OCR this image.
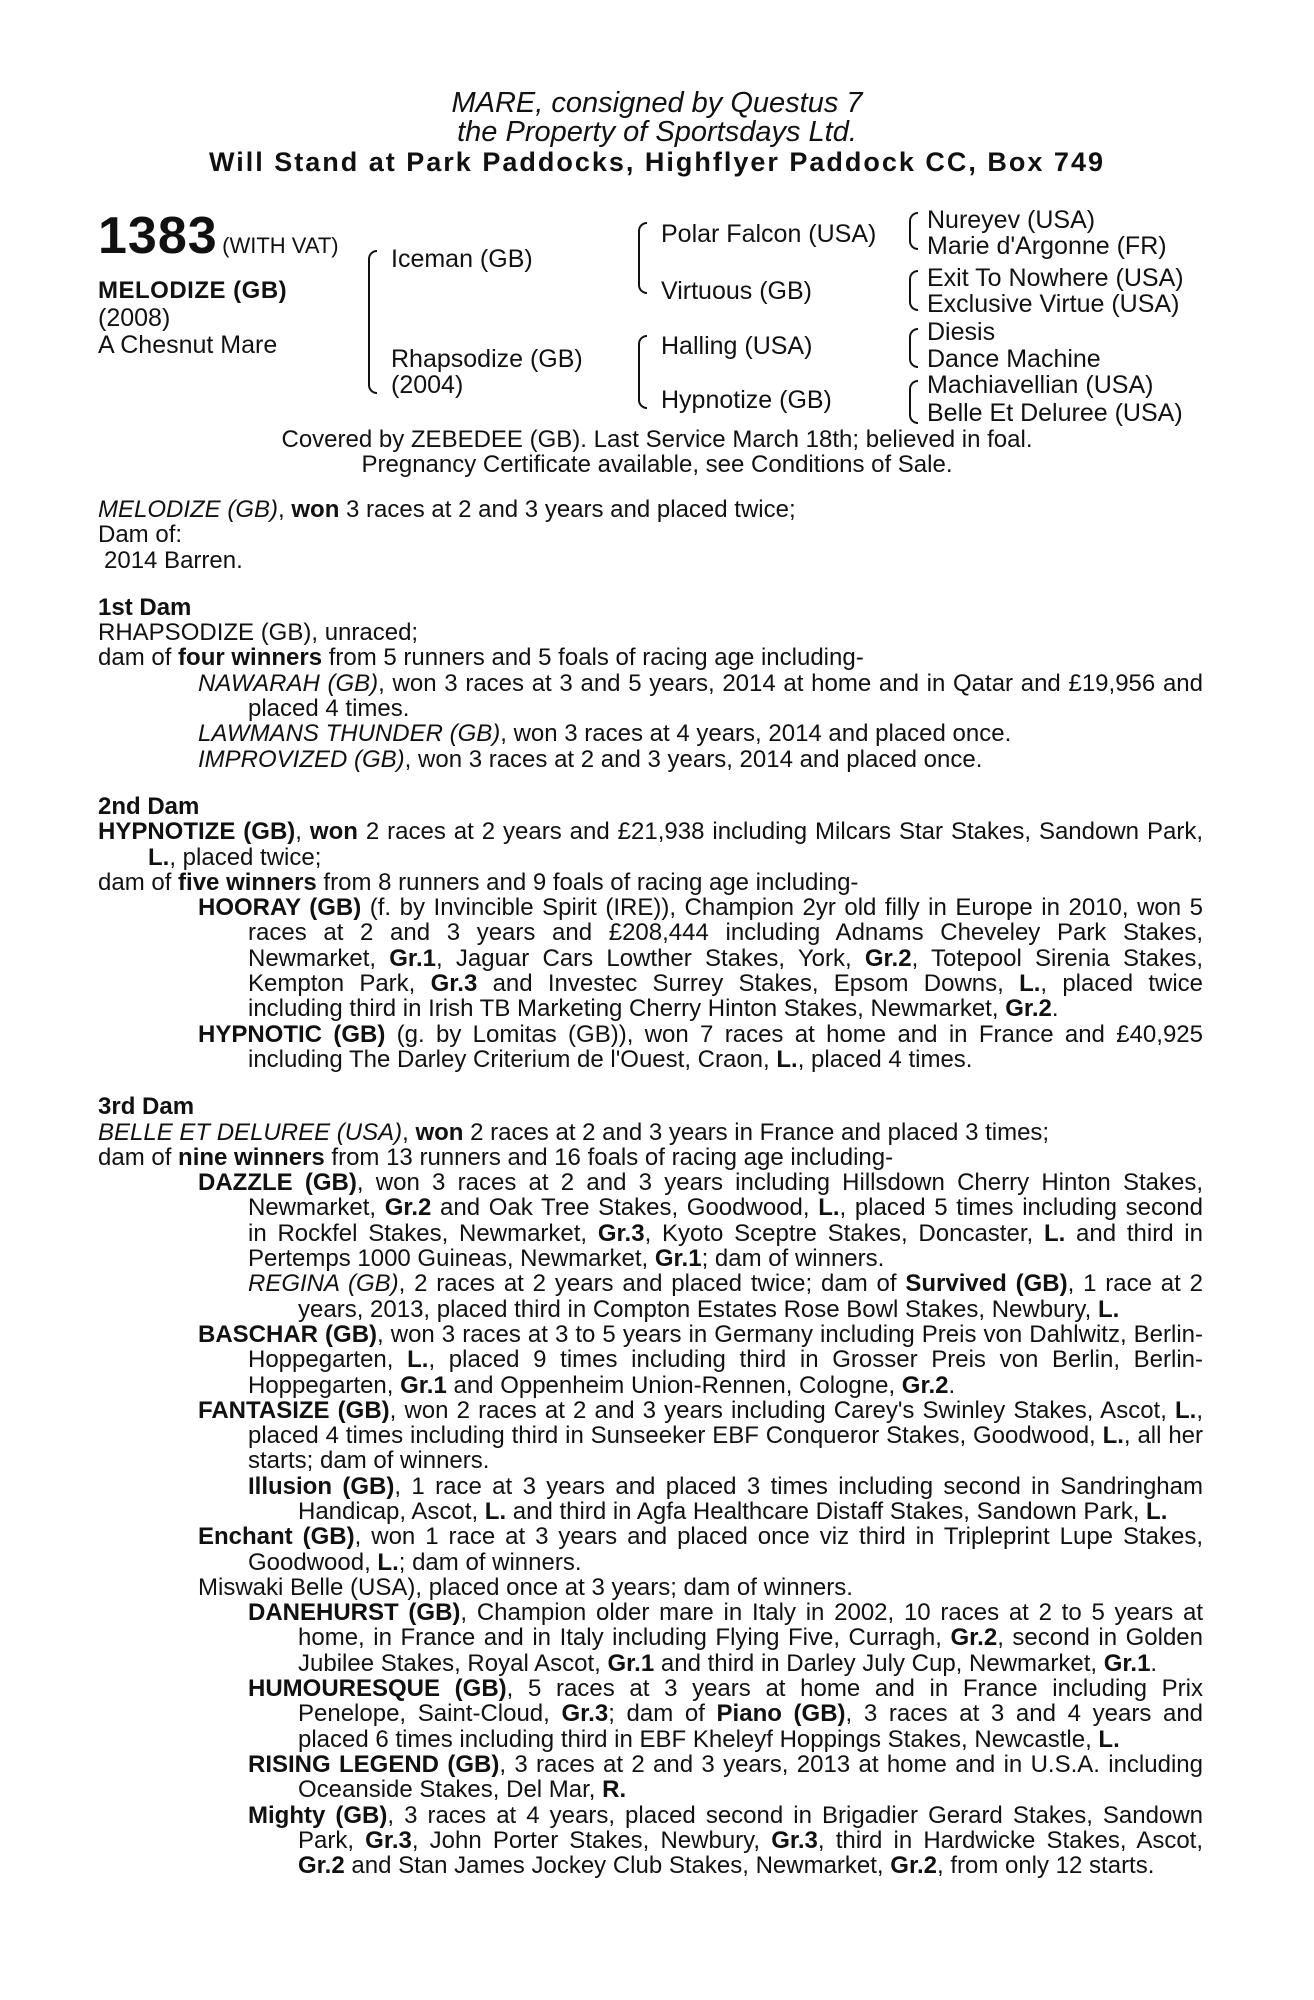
MARE, consigned by Questus 7
the Property of Sportsdays Ltd.
Will Stand at Park Paddocks, Highflyer Paddock CC, Box 749
1383 (WITH VAT)
MELODIZE (GB)
(2008)
A Chesnut Mare
Iceman (GB)
Rhapsodize (GB)
(2004)
Polar Falcon (USA)
Virtuous (GB)
Halling (USA)
Hypnotize (GB)
Nureyev (USA)
Marie d'Argonne (FR)
Exit To Nowhere (USA)
Exclusive Virtue (USA)
Diesis
Dance Machine
Machiavellian (USA)
Belle Et Deluree (USA)
Covered by ZEBEDEE (GB). Last Service March 18th; believed in foal.
Pregnancy Certificate available, see Conditions of Sale.

MELODIZE (GB), won 3 races at 2 and 3 years and placed twice;

Dam of:

2014 Barren.

1st Dam

RHAPSODIZE (GB), unraced;

dam of four winners from 5 runners and 5 foals of racing age including-

NAWARAH (GB), won 3 races at 3 and 5 years, 2014 at home and in Qatar and £19,956 and placed 4 times.

LAWMANS THUNDER (GB), won 3 races at 4 years, 2014 and placed once.

IMPROVIZED (GB), won 3 races at 2 and 3 years, 2014 and placed once.

2nd Dam

HYPNOTIZE (GB), won 2 races at 2 years and £21,938 including Milcars Star Stakes, Sandown Park, L., placed twice;

dam of five winners from 8 runners and 9 foals of racing age including-

HOORAY (GB) (f. by Invincible Spirit (IRE)), Champion 2yr old filly in Europe in 2010, won 5 races at 2 and 3 years and £208,444 including Adnams Cheveley Park Stakes, Newmarket, Gr.1, Jaguar Cars Lowther Stakes, York, Gr.2, Totepool Sirenia Stakes, Kempton Park, Gr.3 and Investec Surrey Stakes, Epsom Downs, L., placed twice including third in Irish TB Marketing Cherry Hinton Stakes, Newmarket, Gr.2.

HYPNOTIC (GB) (g. by Lomitas (GB)), won 7 races at home and in France and £40,925 including The Darley Criterium de l'Ouest, Craon, L., placed 4 times.

3rd Dam

BELLE ET DELUREE (USA), won 2 races at 2 and 3 years in France and placed 3 times;

dam of nine winners from 13 runners and 16 foals of racing age including-

DAZZLE (GB), won 3 races at 2 and 3 years including Hillsdown Cherry Hinton Stakes, Newmarket, Gr.2 and Oak Tree Stakes, Goodwood, L., placed 5 times including second in Rockfel Stakes, Newmarket, Gr.3, Kyoto Sceptre Stakes, Doncaster, L. and third in Pertemps 1000 Guineas, Newmarket, Gr.1; dam of winners.

REGINA (GB), 2 races at 2 years and placed twice; dam of Survived (GB), 1 race at 2 years, 2013, placed third in Compton Estates Rose Bowl Stakes, Newbury, L.

BASCHAR (GB), won 3 races at 3 to 5 years in Germany including Preis von Dahlwitz, Berlin-Hoppegarten, L., placed 9 times including third in Grosser Preis von Berlin, Berlin-Hoppegarten, Gr.1 and Oppenheim Union-Rennen, Cologne, Gr.2.

FANTASIZE (GB), won 2 races at 2 and 3 years including Carey's Swinley Stakes, Ascot, L., placed 4 times including third in Sunseeker EBF Conqueror Stakes, Goodwood, L., all her starts; dam of winners.

Illusion (GB), 1 race at 3 years and placed 3 times including second in Sandringham Handicap, Ascot, L. and third in Agfa Healthcare Distaff Stakes, Sandown Park, L.

Enchant (GB), won 1 race at 3 years and placed once viz third in Tripleprint Lupe Stakes, Goodwood, L.; dam of winners.

Miswaki Belle (USA), placed once at 3 years; dam of winners.

DANEHURST (GB), Champion older mare in Italy in 2002, 10 races at 2 to 5 years at home, in France and in Italy including Flying Five, Curragh, Gr.2, second in Golden Jubilee Stakes, Royal Ascot, Gr.1 and third in Darley July Cup, Newmarket, Gr.1.

HUMOURESQUE (GB), 5 races at 3 years at home and in France including Prix Penelope, Saint-Cloud, Gr.3; dam of Piano (GB), 3 races at 3 and 4 years and placed 6 times including third in EBF Kheleyf Hoppings Stakes, Newcastle, L.

RISING LEGEND (GB), 3 races at 2 and 3 years, 2013 at home and in U.S.A. including Oceanside Stakes, Del Mar, R.

Mighty (GB), 3 races at 4 years, placed second in Brigadier Gerard Stakes, Sandown Park, Gr.3, John Porter Stakes, Newbury, Gr.3, third in Hardwicke Stakes, Ascot, Gr.2 and Stan James Jockey Club Stakes, Newmarket, Gr.2, from only 12 starts.
